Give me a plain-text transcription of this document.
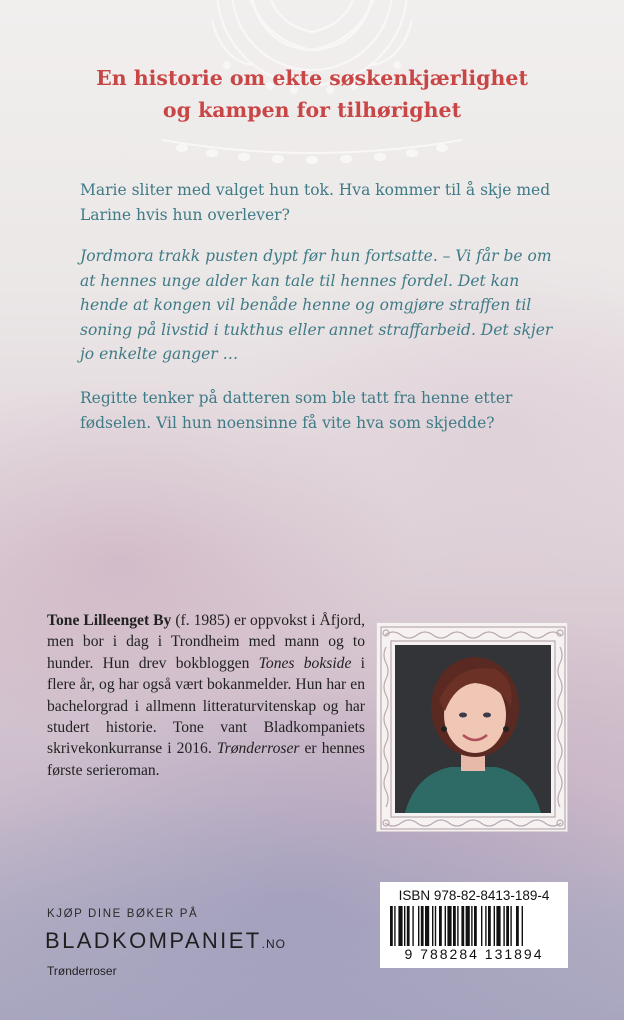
En historie om ekte søskenkjærlighet
og kampen for tilhørighet

Marie sliter med valget hun tok. Hva kommer til å skje med Larine hvis hun overlever?

Jordmora trakk pusten dypt før hun fortsatte. – Vi får be om at hennes unge alder kan tale til hennes fordel. Det kan hende at kongen vil benåde henne og omgjøre straffen til soning på livstid i tukthus eller annet straffarbeid. Det skjer jo enkelte ganger …

Regitte tenker på datteren som ble tatt fra henne etter fødselen. Vil hun noensinne få vite hva som skjedde?

Tone Lilleenget By (f. 1985) er oppvokst i Åfjord, men bor i dag i Trondheim med mann og to hunder. Hun drev bokbloggen Tones bokside i flere år, og har også vært bokanmelder. Hun har en bachelorgrad i allmenn litteraturvitenskap og har studert historie. Tone vant Bladkompaniets skrivekonkurranse i 2016. Trønderroser er hennes første serieroman.

ISBN 978-82-8413-189-4
9 788284 131894
KJØP DINE BØKER PÅ
BLADKOMPANIET.NO
Trønderroser
